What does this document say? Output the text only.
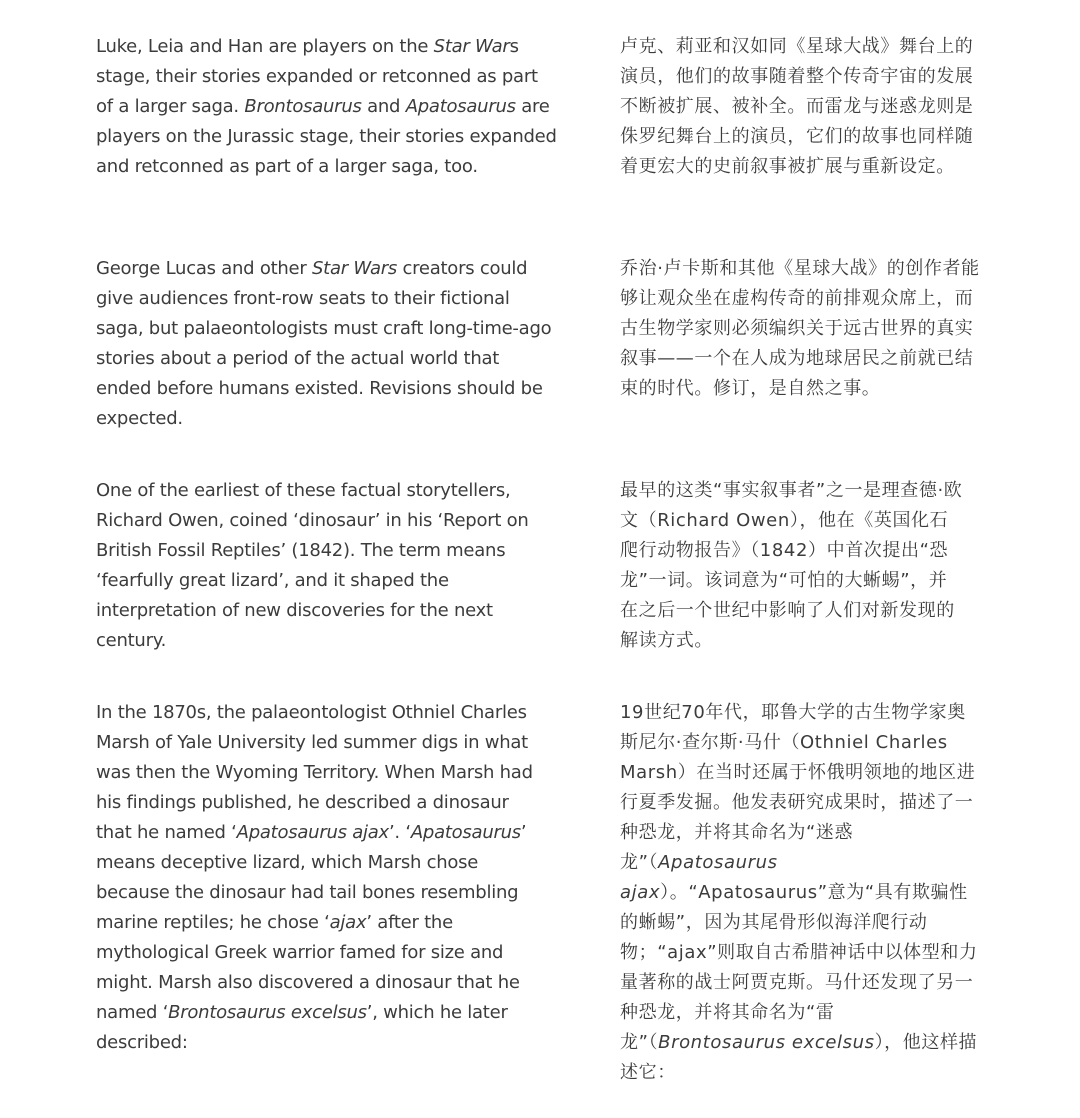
Luke, Leia and Han are players on the Star Wars stage, their stories expanded or retconned as part of a larger saga. Brontosaurus and Apatosaurus are players on the Jurassic stage, their stories expanded and retconned as part of a larger saga, too.

卢克、莉亚和汉如同《星球大战》舞台上的演员，他们的故事随着整个传奇宇宙的发展不断被扩展、被补全。而雷龙与迷惑龙则是侏罗纪舞台上的演员，它们的故事也同样随着更宏大的史前叙事被扩展与重新设定。

George Lucas and other Star Wars creators could give audiences front-row seats to their fictional saga, but palaeontologists must craft long-time-ago stories about a period of the actual world that ended before humans existed. Revisions should be expected.

乔治·卢卡斯和其他《星球大战》的创作者能够让观众坐在虚构传奇的前排观众席上，而古生物学家则必须编织关于远古世界的真实叙事——一个在人成为地球居民之前就已结束的时代。修订，是自然之事。

One of the earliest of these factual storytellers, Richard Owen, coined ‘dinosaur’ in his ‘Report on British Fossil Reptiles’ (1842). The term means ‘fearfully great lizard’, and it shaped the interpretation of new discoveries for the next century.

最早的这类“事实叙事者”之一是理查德·欧文（Richard Owen），他在《英国化石爬行动物报告》（1842）中首次提出“恐龙”一词。该词意为“可怕的大蜥蜴”，并在之后一个世纪中影响了人们对新发现的解读方式。

In the 1870s, the palaeontologist Othniel Charles Marsh of Yale University led summer digs in what was then the Wyoming Territory. When Marsh had his findings published, he described a dinosaur that he named ‘Apatosaurus ajax’. ‘Apatosaurus’ means deceptive lizard, which Marsh chose because the dinosaur had tail bones resembling marine reptiles; he chose ‘ajax’ after the mythological Greek warrior famed for size and might. Marsh also discovered a dinosaur that he named ‘Brontosaurus excelsus’, which he later described:

19世纪70年代，耶鲁大学的古生物学家奥斯尼尔·查尔斯·马什（Othniel Charles Marsh）在当时还属于怀俄明领地的地区进行夏季发掘。他发表研究成果时，描述了一种恐龙，并将其命名为“迷惑龙”（Apatosaurus ajax）。“Apatosaurus”意为“具有欺骗性的蜥蜴”，因为其尾骨形似海洋爬行动物；“ajax”则取自古希腊神话中以体型和力量著称的战士阿贾克斯。马什还发现了另一种恐龙，并将其命名为“雷龙”（Brontosaurus excelsus），他这样描述它：
